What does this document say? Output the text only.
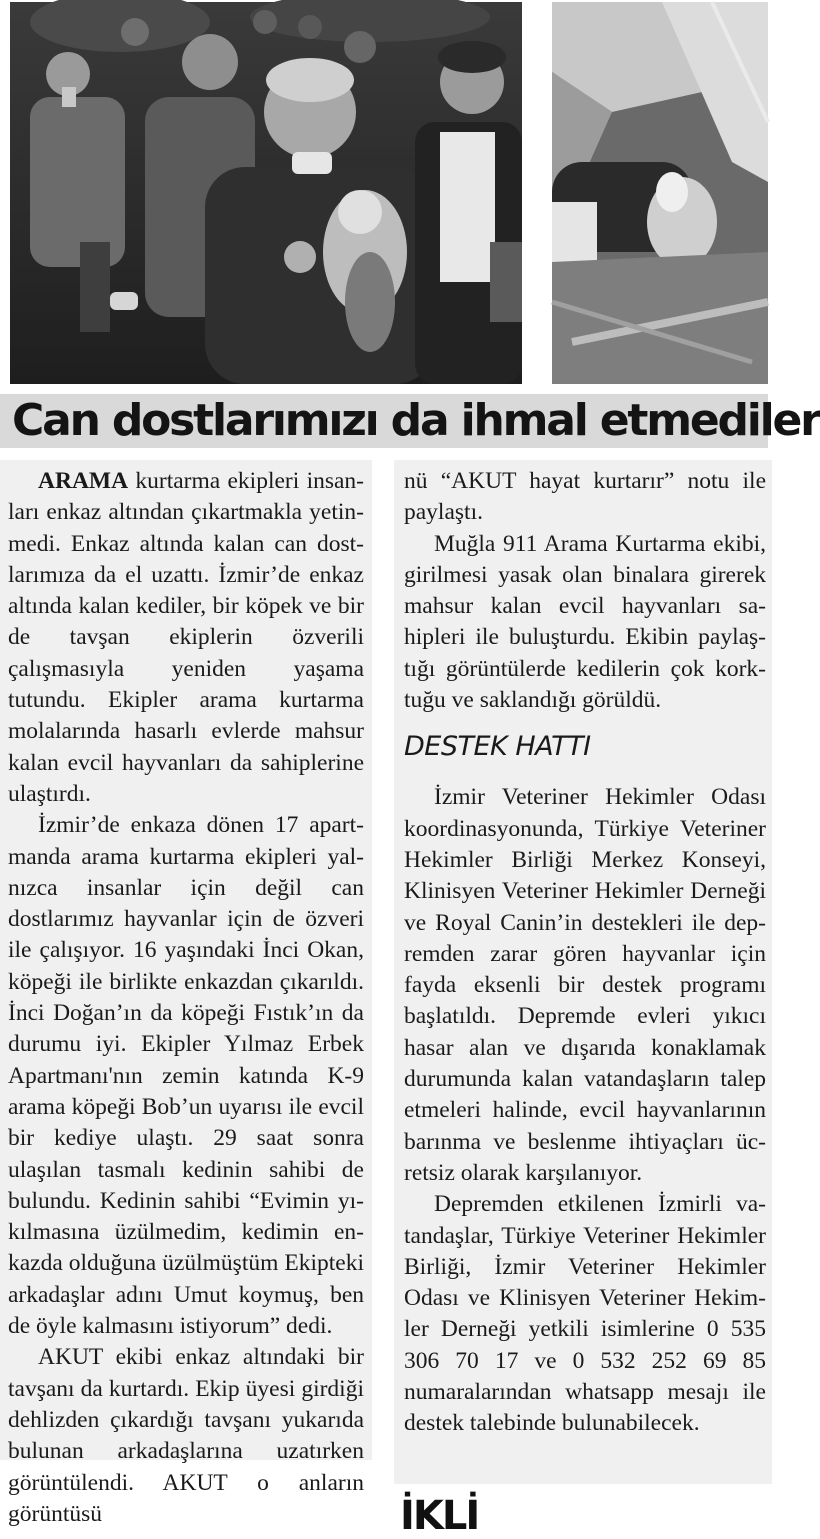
Can dostlarımızı da ihmal etmediler

ARAMA kurtarma ekipleri insanları enkaz altından çıkartmakla yetinmedi. Enkaz altında kalan can dostlarımıza da el uzattı. İzmir’de enkaz altında kalan kediler, bir köpek ve bir de tavşan ekiplerin özverili çalışmasıyla yeniden yaşama tutundu. Ekipler arama kurtarma molalarında hasarlı evlerde mahsur kalan evcil hayvanları da sahiplerine ulaştırdı.

İzmir’de enkaza dönen 17 apartmanda arama kurtarma ekipleri yalnızca insanlar için değil can dostlarımız hayvanlar için de özveri ile çalışıyor. 16 yaşındaki İnci Okan, köpeği ile birlikte enkazdan çıkarıldı. İnci Doğan’ın da köpeği Fıstık’ın da durumu iyi. Ekipler Yılmaz Erbek Apartmanı'nın zemin katında K-9 arama köpeği Bob’un uyarısı ile evcil bir kediye ulaştı. 29 saat sonra ulaşılan tasmalı kedinin sahibi de bulundu. Kedinin sahibi “Evimin yıkılmasına üzülmedim, kedimin enkazda olduğuna üzülmüştüm Ekipteki arkadaşlar adını Umut koymuş, ben de öyle kalmasını istiyorum” dedi.

AKUT ekibi enkaz altındaki bir tavşanı da kurtardı. Ekip üyesi girdiği dehlizden çıkardığı tavşanı yukarıda bulunan arkadaşlarına uzatırken görüntülendi. AKUT o anların görüntüsü

nü “AKUT hayat kurtarır” notu ile paylaştı.

Muğla 911 Arama Kurtarma ekibi, girilmesi yasak olan binalara girerek mahsur kalan evcil hayvanları sahipleri ile buluşturdu. Ekibin paylaştığı görüntülerde kedilerin çok korktuğu ve saklandığı görüldü.

DESTEK HATTI

İzmir Veteriner Hekimler Odası koordinasyonunda, Türkiye Veteriner Hekimler Birliği Merkez Konseyi, Klinisyen Veteriner Hekimler Derneği ve Royal Canin’in destekleri ile depremden zarar gören hayvanlar için fayda eksenli bir destek programı başlatıldı. Depremde evleri yıkıcı hasar alan ve dışarıda konaklamak durumunda kalan vatandaşların talep etmeleri halinde, evcil hayvanlarının barınma ve beslenme ihtiyaçları ücretsiz olarak karşılanıyor.

Depremden etkilenen İzmirli vatandaşlar, Türkiye Veteriner Hekimler Birliği, İzmir Veteriner Hekimler Odası ve Klinisyen Veteriner Hekimler Derneği yetkili isimlerine 0 535 306 70 17 ve 0 532 252 69 85 numaralarından whatsapp mesajı ile destek talebinde bulunabilecek.

İKLİ
